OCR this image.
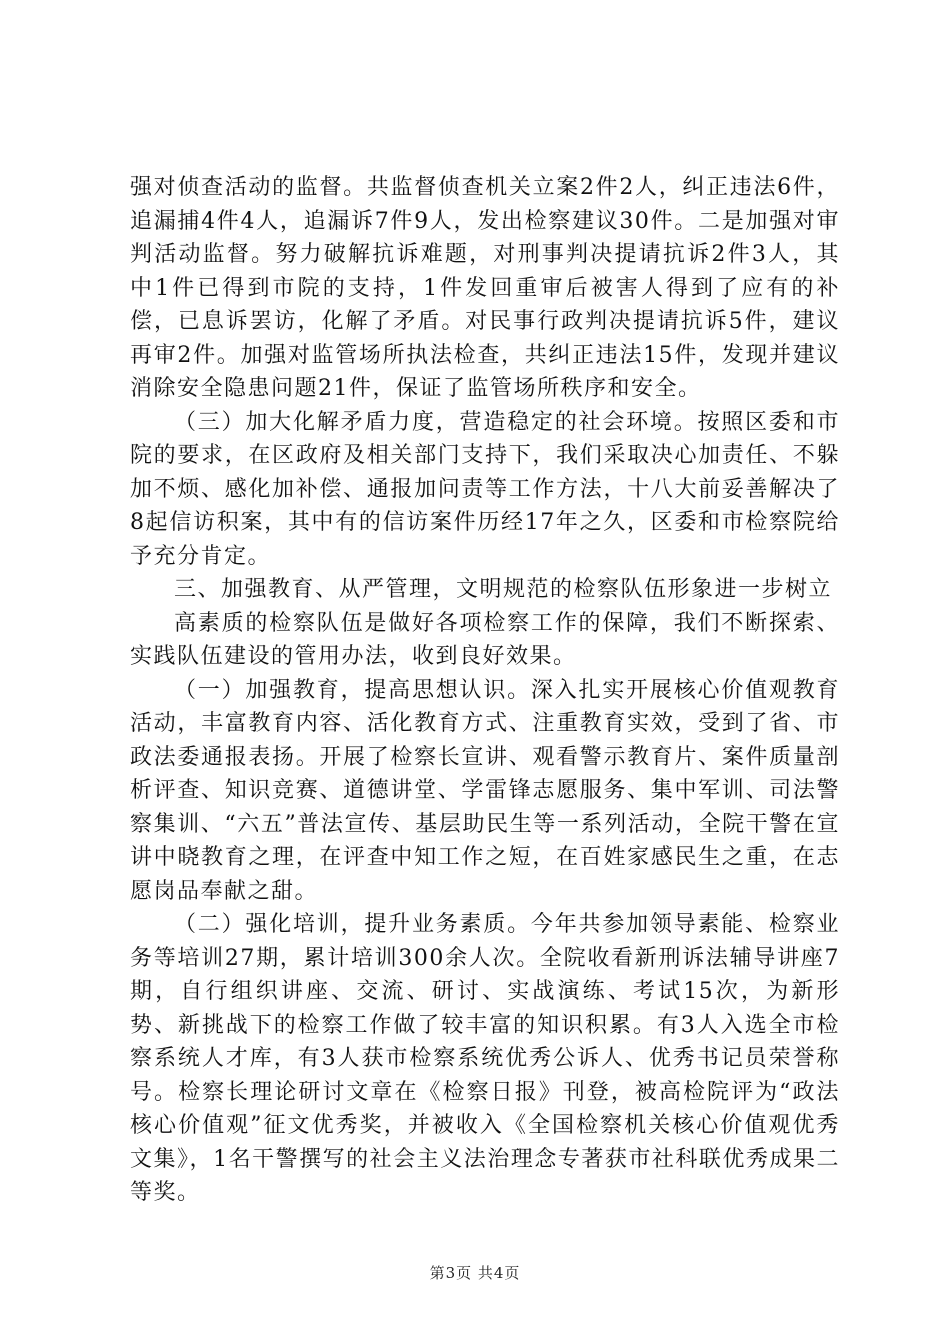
强对侦查活动的监督。共监督侦查机关立案2件2人，纠正违法6件，追漏捕4件4人，追漏诉7件9人，发出检察建议30件。二是加强对审判活动监督。努力破解抗诉难题，对刑事判决提请抗诉2件3人，其中1件已得到市院的支持，1件发回重审后被害人得到了应有的补偿，已息诉罢访，化解了矛盾。对民事行政判决提请抗诉5件，建议再审2件。加强对监管场所执法检查，共纠正违法15件，发现并建议消除安全隐患问题21件，保证了监管场所秩序和安全。

（三）加大化解矛盾力度，营造稳定的社会环境。按照区委和市院的要求，在区政府及相关部门支持下，我们采取决心加责任、不躲加不烦、感化加补偿、通报加问责等工作方法，十八大前妥善解决了8起信访积案，其中有的信访案件历经17年之久，区委和市检察院给予充分肯定。

三、加强教育、从严管理，文明规范的检察队伍形象进一步树立

高素质的检察队伍是做好各项检察工作的保障，我们不断探索、实践队伍建设的管用办法，收到良好效果。

（一）加强教育，提高思想认识。深入扎实开展核心价值观教育活动，丰富教育内容、活化教育方式、注重教育实效，受到了省、市政法委通报表扬。开展了检察长宣讲、观看警示教育片、案件质量剖析评查、知识竞赛、道德讲堂、学雷锋志愿服务、集中军训、司法警察集训、“六五”普法宣传、基层助民生等一系列活动，全院干警在宣讲中晓教育之理，在评查中知工作之短，在百姓家感民生之重，在志愿岗品奉献之甜。

（二）强化培训，提升业务素质。今年共参加领导素能、检察业务等培训27期，累计培训300余人次。全院收看新刑诉法辅导讲座7期，自行组织讲座、交流、研讨、实战演练、考试15次，为新形势、新挑战下的检察工作做了较丰富的知识积累。有3人入选全市检察系统人才库，有3人获市检察系统优秀公诉人、优秀书记员荣誉称号。检察长理论研讨文章在《检察日报》刊登，被高检院评为“政法核心价值观”征文优秀奖，并被收入《全国检察机关核心价值观优秀文集》，1名干警撰写的社会主义法治理念专著获市社科联优秀成果二等奖。

第3页 共4页
